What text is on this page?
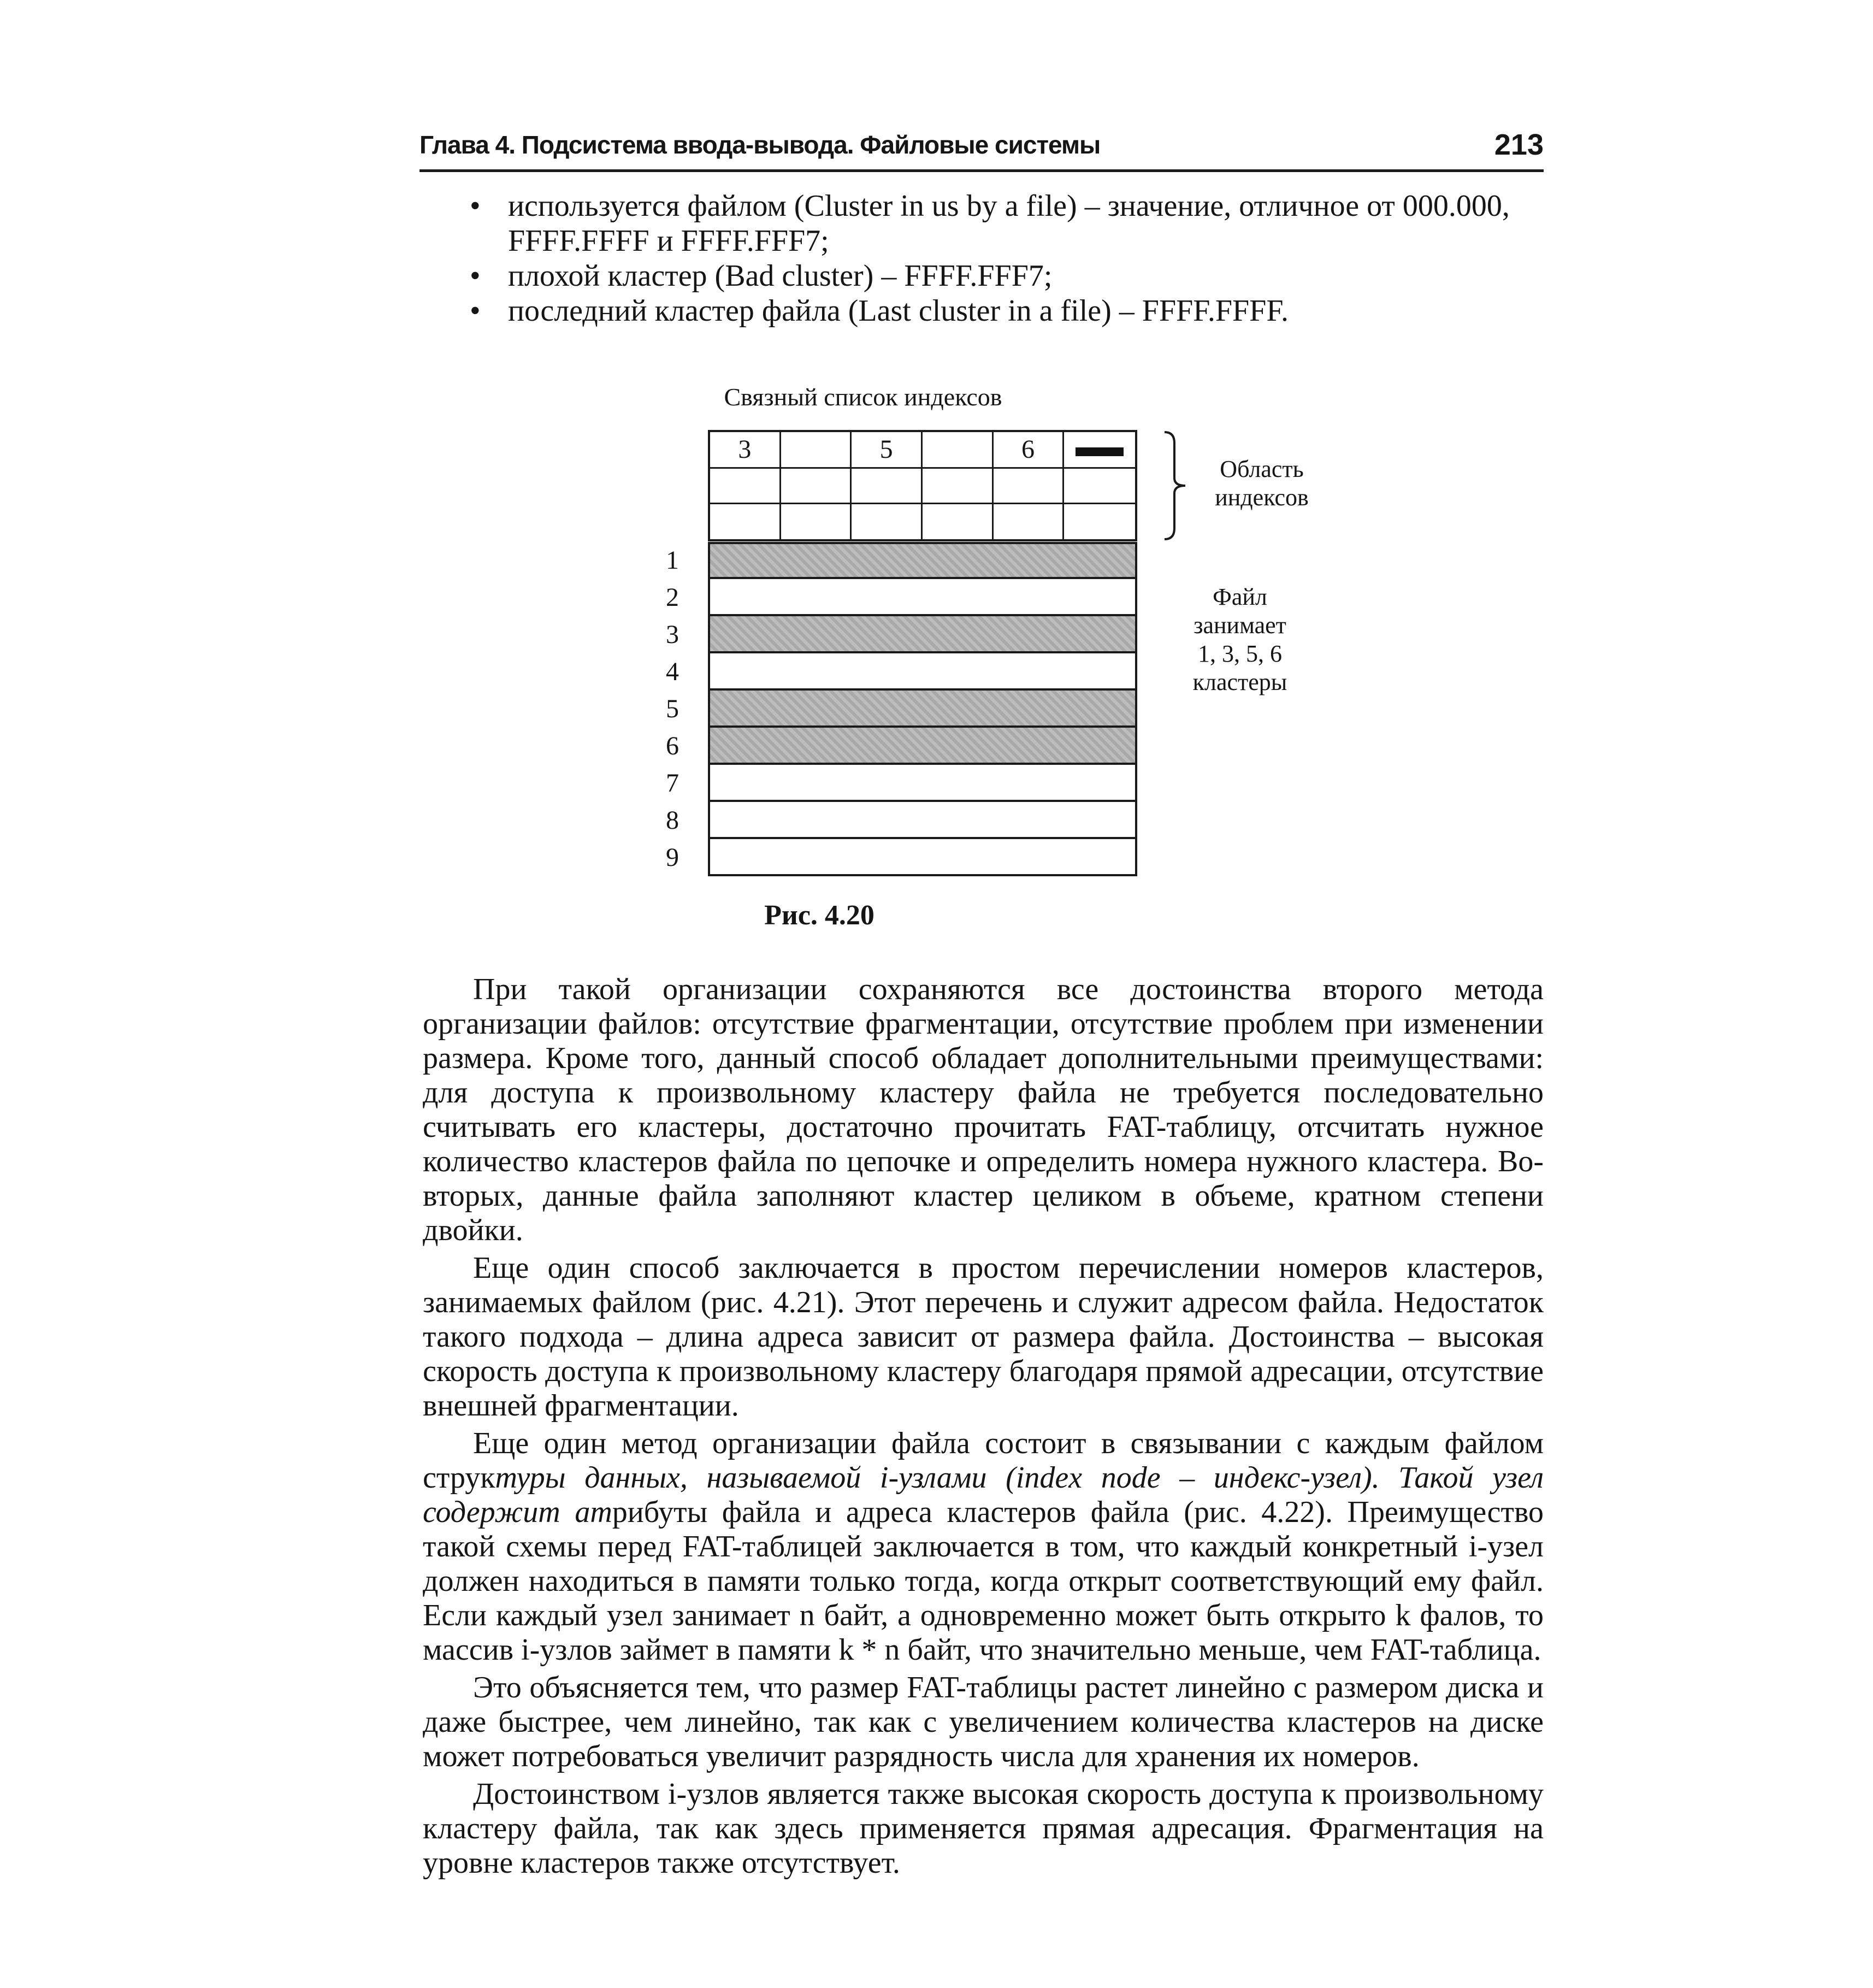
Глава 4. Подсистема ввода-вывода. Файловые системы	213
• используется файлом (Cluster in us by a file) – значение, отличное от 000.000, FFFF.FFFF и FFFF.FFF7;
• плохой кластер (Bad cluster) – FFFF.FFF7;
• последний кластер файла (Last cluster in a file) – FFFF.FFFF.
Связный список индексов
3	5	6
Область индексов
1
2
3
4
5
6
7
8
9
Файл
занимает
1, 3, 5, 6
кластеры
Рис. 4.20

При такой организации сохраняются все достоинства второго метода организации файлов: отсутствие фрагментации, отсутствие проблем при изменении размера. Кроме того, данный способ обладает дополнительными преимуществами: для доступа к произвольному кластеру файла не требуется последовательно считывать его кластеры, достаточно прочитать FAT-таблицу, отсчитать нужное количество кластеров файла по цепочке и определить номера нужного кластера. Во-вторых, данные файла заполняют кластер целиком в объеме, кратном степени двойки.

Еще один способ заключается в простом перечислении номеров кластеров, занимаемых файлом (рис. 4.21). Этот перечень и служит адресом файла. Недостаток такого подхода – длина адреса зависит от размера файла. Достоинства – высокая скорость доступа к произвольному кластеру благодаря прямой адресации, отсутствие внешней фрагментации.

Еще один метод организации файла состоит в связывании с каждым файлом структуры данных, называемой i-узлами (index node – индекс-узел). Такой узел содержит атрибуты файла и адреса кластеров файла (рис. 4.22). Преимущество такой схемы перед FAT-таблицей заключается в том, что каждый конкретный i-узел должен находиться в памяти только тогда, когда открыт соответствующий ему файл. Если каждый узел занимает n байт, а одновременно может быть открыто k фалов, то массив i-узлов займет в памяти k * n байт, что значительно меньше, чем FAT-таблица.

Это объясняется тем, что размер FAT-таблицы растет линейно с размером диска и даже быстрее, чем линейно, так как с увеличением количества кластеров на диске может потребоваться увеличит разрядность числа для хранения их номеров.

Достоинством i-узлов является также высокая скорость доступа к произвольному кластеру файла, так как здесь применяется прямая адресация. Фрагментация на уровне кластеров также отсутствует.
